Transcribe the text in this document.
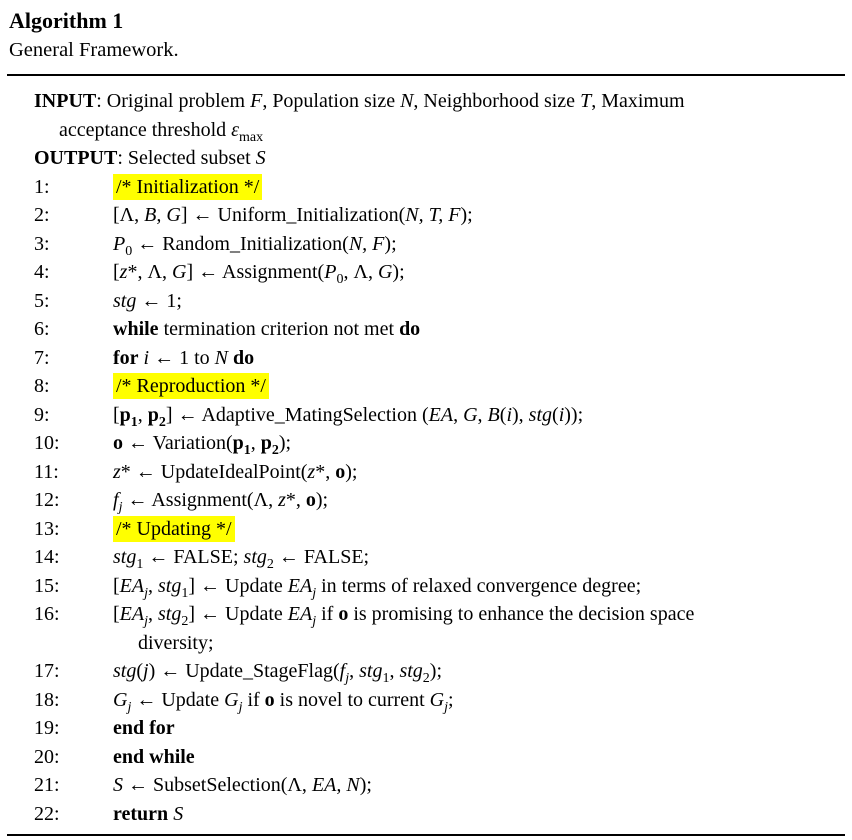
Algorithm 1
General Framework.
INPUT: Original problem F, Population size N, Neighborhood size T, Maximum
acceptance threshold $\varepsilon_{max}$
OUTPUT: Selected subset S
1:	/* Initialization */
2:	[Λ, B, G] ← Uniform_Initialization(N, T, F);
3:	$P_0$ ← Random_Initialization(N, F);
4:	[z*, Λ, G] ← $Assignment(P_0$, Λ, G);
5:	stg ← 1;
6:	while termination criterion not met do
7:	for i ← 1 to N do
8:	/* Reproduction */
9:	[$p_1$, $p_2$] ← Adaptive_MatingSelection (EA, G, B(i), stg(i));
10:	o ← $Variation(p_1$, $p_2$);
11:	z* ← UpdateIdealPoint(z*, o);
12:	$f_j$ ← Assignment(Λ, z*, o);
13:	/* Updating */
14:	stg$_1$ ← FALSE; stg$_2$ ← FALSE;
15:	[$EA_j$, stg$_1$] ← Update $EA_j$ in terms of relaxed convergence degree;
16:	[$EA_j$, stg$_2$] ← Update $EA_j$ if o is promising to enhance the decision space
diversity;
17:	stg(j) ← $Update\_StageFlag(f_j$, stg$_1$, stg$_2$);
18:	$G_j$ ← Update $G_j$ if o is novel to current $G_j$;
19:	end for
20:	end while
21:	S ← SubsetSelection(Λ, EA, N);
22:	return S
